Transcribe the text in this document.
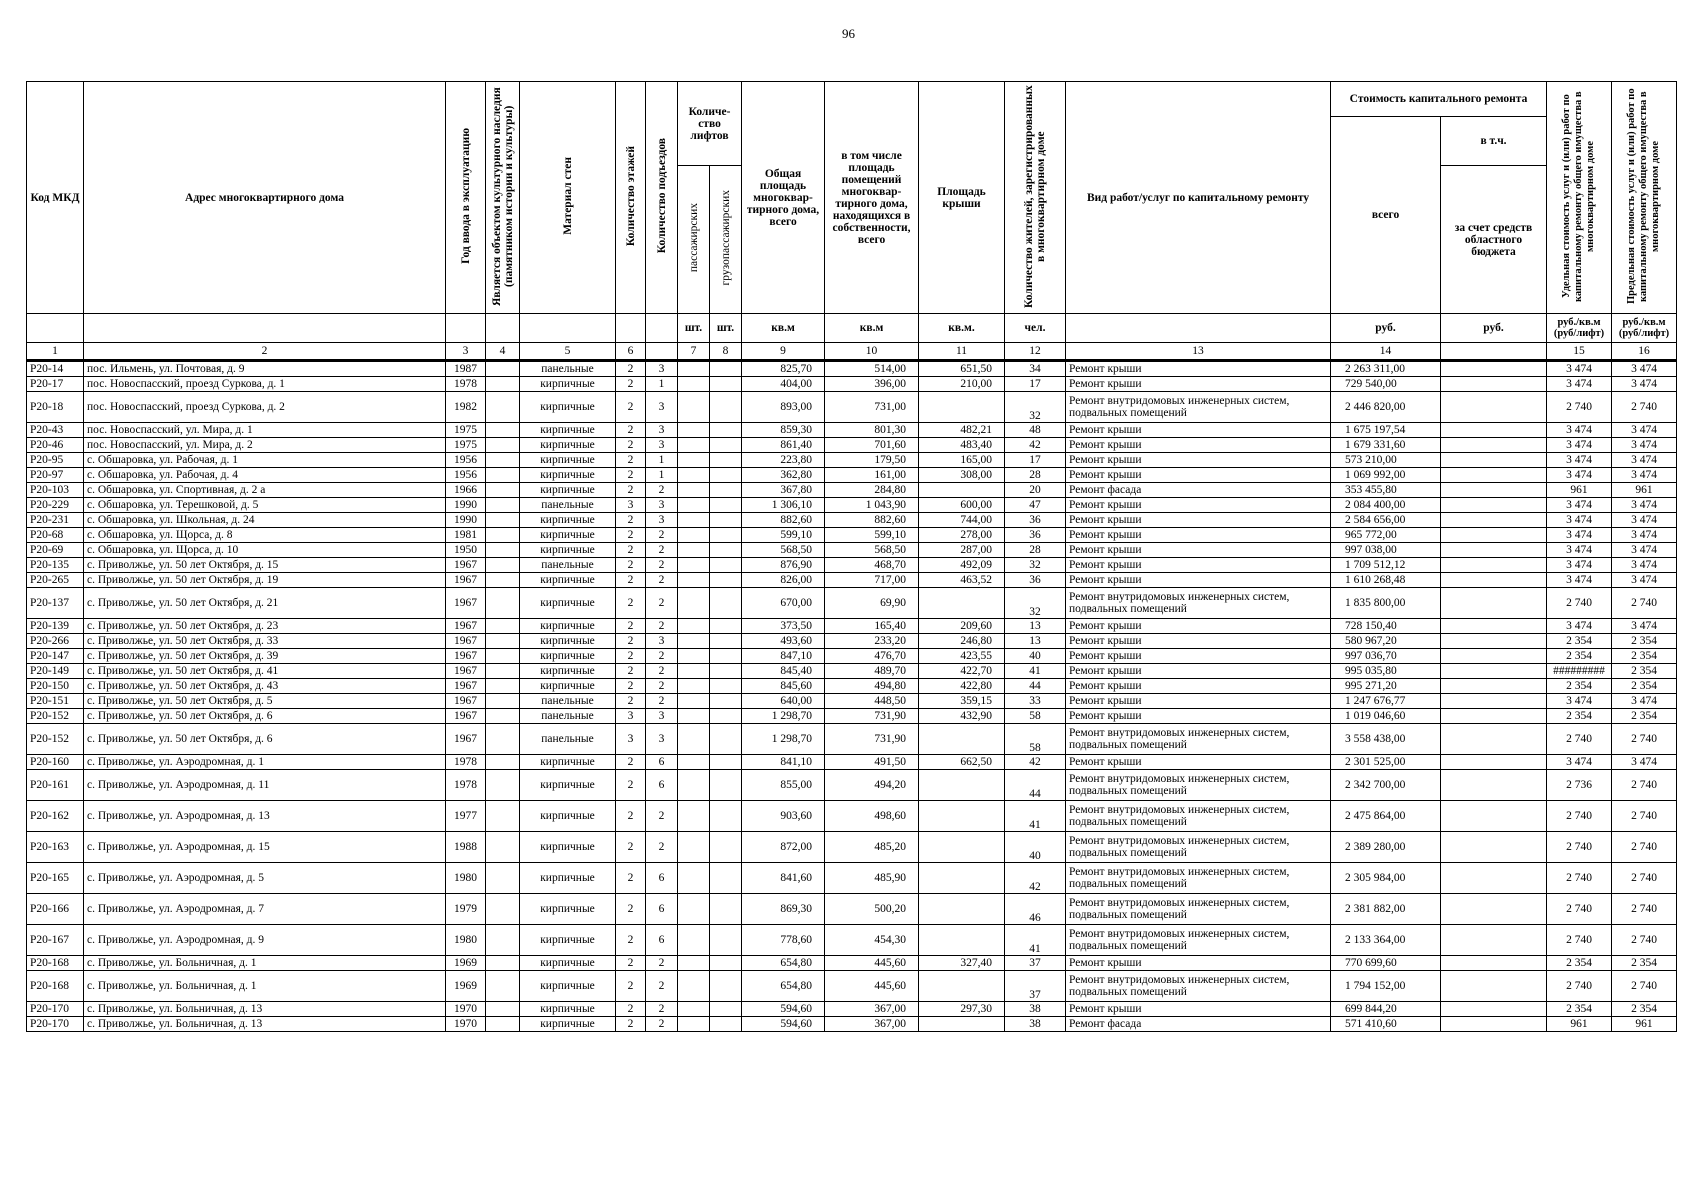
96
Код МКД	Адрес многоквартирного дома	Год ввода в эксплуатацию	Является объектом культурного наследия (памятником истории и культуры)	Материал стен	Количество этажей	Количество подъездов	Количе-ство лифтов		Общая площадь многоквар-тирного дома, всего	в том числе площадь помещений многоквар-тирного дома, находящихся в собственности, всего	Площадь крыши	Количество жителей, зарегистрированных в многоквартирном доме	Вид работ/услуг по капитальному ремонту	Стоимость капитального ремонта		Удельная стоимость услуг и (или) работ по капитальному ремонту общего имущества в многоквартирном доме	Предельная стоимость услуг и (или) работ по капитальному ремонту общего имущества в многоквартирном доме
														всего	в т.ч.		
							пассажирских	грузопассажирских							за счет средств областного бюджета		
							шт.	шт.	кв.м	кв.м	кв.м.	чел.		руб.	руб.	руб./кв.м (руб/лифт)	руб./кв.м (руб/лифт)
1	2	3	4	5	6		7	8	9	10	11	12	13	14		15	16
Р20-14	пос. Ильмень, ул. Почтовая, д. 9	1987		панельные	2	3			825,70	514,00	651,50	34	Ремонт крыши	2 263 311,00		3 474	3 474
Р20-17	пос. Новоспасский, проезд Суркова, д. 1	1978		кирпичные	2	1			404,00	396,00	210,00	17	Ремонт крыши	729 540,00		3 474	3 474
Р20-18	пос. Новоспасский, проезд Суркова, д. 2	1982		кирпичные	2	3			893,00	731,00		32	Ремонт внутридомовых инженерных систем, подвальных помещений	2 446 820,00		2 740	2 740
Р20-43	пос. Новоспасский, ул. Мира, д. 1	1975		кирпичные	2	3			859,30	801,30	482,21	48	Ремонт крыши	1 675 197,54		3 474	3 474
Р20-46	пос. Новоспасский, ул. Мира, д. 2	1975		кирпичные	2	3			861,40	701,60	483,40	42	Ремонт крыши	1 679 331,60		3 474	3 474
Р20-95	с. Обшаровка, ул. Рабочая, д. 1	1956		кирпичные	2	1			223,80	179,50	165,00	17	Ремонт крыши	573 210,00		3 474	3 474
Р20-97	с. Обшаровка, ул. Рабочая, д. 4	1956		кирпичные	2	1			362,80	161,00	308,00	28	Ремонт крыши	1 069 992,00		3 474	3 474
Р20-103	с. Обшаровка, ул. Спортивная, д. 2 а	1966		кирпичные	2	2			367,80	284,80		20	Ремонт фасада	353 455,80		961	961
Р20-229	с. Обшаровка, ул. Терешковой, д. 5	1990		панельные	3	3			1 306,10	1 043,90	600,00	47	Ремонт крыши	2 084 400,00		3 474	3 474
Р20-231	с. Обшаровка, ул. Школьная, д. 24	1990		кирпичные	2	3			882,60	882,60	744,00	36	Ремонт крыши	2 584 656,00		3 474	3 474
Р20-68	с. Обшаровка, ул. Щорса, д. 8	1981		кирпичные	2	2			599,10	599,10	278,00	36	Ремонт крыши	965 772,00		3 474	3 474
Р20-69	с. Обшаровка, ул. Щорса, д. 10	1950		кирпичные	2	2			568,50	568,50	287,00	28	Ремонт крыши	997 038,00		3 474	3 474
Р20-135	с. Приволжье, ул. 50 лет Октября, д. 15	1967		панельные	2	2			876,90	468,70	492,09	32	Ремонт крыши	1 709 512,12		3 474	3 474
Р20-265	с. Приволжье, ул. 50 лет Октября, д. 19	1967		кирпичные	2	2			826,00	717,00	463,52	36	Ремонт крыши	1 610 268,48		3 474	3 474
Р20-137	с. Приволжье, ул. 50 лет Октября, д. 21	1967		кирпичные	2	2			670,00	69,90		32	Ремонт внутридомовых инженерных систем, подвальных помещений	1 835 800,00		2 740	2 740
Р20-139	с. Приволжье, ул. 50 лет Октября, д. 23	1967		кирпичные	2	2			373,50	165,40	209,60	13	Ремонт крыши	728 150,40		3 474	3 474
Р20-266	с. Приволжье, ул. 50 лет Октября, д. 33	1967		кирпичные	2	3			493,60	233,20	246,80	13	Ремонт крыши	580 967,20		2 354	2 354
Р20-147	с. Приволжье, ул. 50 лет Октября, д. 39	1967		кирпичные	2	2			847,10	476,70	423,55	40	Ремонт крыши	997 036,70		2 354	2 354
Р20-149	с. Приволжье, ул. 50 лет Октября, д. 41	1967		кирпичные	2	2			845,40	489,70	422,70	41	Ремонт крыши	995 035,80		#########	2 354
Р20-150	с. Приволжье, ул. 50 лет Октября, д. 43	1967		кирпичные	2	2			845,60	494,80	422,80	44	Ремонт крыши	995 271,20		2 354	2 354
Р20-151	с. Приволжье, ул. 50 лет Октября, д. 5	1967		панельные	2	2			640,00	448,50	359,15	33	Ремонт крыши	1 247 676,77		3 474	3 474
Р20-152	с. Приволжье, ул. 50 лет Октября, д. 6	1967		панельные	3	3			1 298,70	731,90	432,90	58	Ремонт крыши	1 019 046,60		2 354	2 354
Р20-152	с. Приволжье, ул. 50 лет Октября, д. 6	1967		панельные	3	3			1 298,70	731,90		58	Ремонт внутридомовых инженерных систем, подвальных помещений	3 558 438,00		2 740	2 740
Р20-160	с. Приволжье, ул. Аэродромная, д. 1	1978		кирпичные	2	6			841,10	491,50	662,50	42	Ремонт крыши	2 301 525,00		3 474	3 474
Р20-161	с. Приволжье, ул. Аэродромная, д. 11	1978		кирпичные	2	6			855,00	494,20		44	Ремонт внутридомовых инженерных систем, подвальных помещений	2 342 700,00		2 736	2 740
Р20-162	с. Приволжье, ул. Аэродромная, д. 13	1977		кирпичные	2	2			903,60	498,60		41	Ремонт внутридомовых инженерных систем, подвальных помещений	2 475 864,00		2 740	2 740
Р20-163	с. Приволжье, ул. Аэродромная, д. 15	1988		кирпичные	2	2			872,00	485,20		40	Ремонт внутридомовых инженерных систем, подвальных помещений	2 389 280,00		2 740	2 740
Р20-165	с. Приволжье, ул. Аэродромная, д. 5	1980		кирпичные	2	6			841,60	485,90		42	Ремонт внутридомовых инженерных систем, подвальных помещений	2 305 984,00		2 740	2 740
Р20-166	с. Приволжье, ул. Аэродромная, д. 7	1979		кирпичные	2	6			869,30	500,20		46	Ремонт внутридомовых инженерных систем, подвальных помещений	2 381 882,00		2 740	2 740
Р20-167	с. Приволжье, ул. Аэродромная, д. 9	1980		кирпичные	2	6			778,60	454,30		41	Ремонт внутридомовых инженерных систем, подвальных помещений	2 133 364,00		2 740	2 740
Р20-168	с. Приволжье, ул. Больничная, д. 1	1969		кирпичные	2	2			654,80	445,60	327,40	37	Ремонт крыши	770 699,60		2 354	2 354
Р20-168	с. Приволжье, ул. Больничная, д. 1	1969		кирпичные	2	2			654,80	445,60		37	Ремонт внутридомовых инженерных систем, подвальных помещений	1 794 152,00		2 740	2 740
Р20-170	с. Приволжье, ул. Больничная, д. 13	1970		кирпичные	2	2			594,60	367,00	297,30	38	Ремонт крыши	699 844,20		2 354	2 354
Р20-170	с. Приволжье, ул. Больничная, д. 13	1970		кирпичные	2	2			594,60	367,00		38	Ремонт фасада	571 410,60		961	961
